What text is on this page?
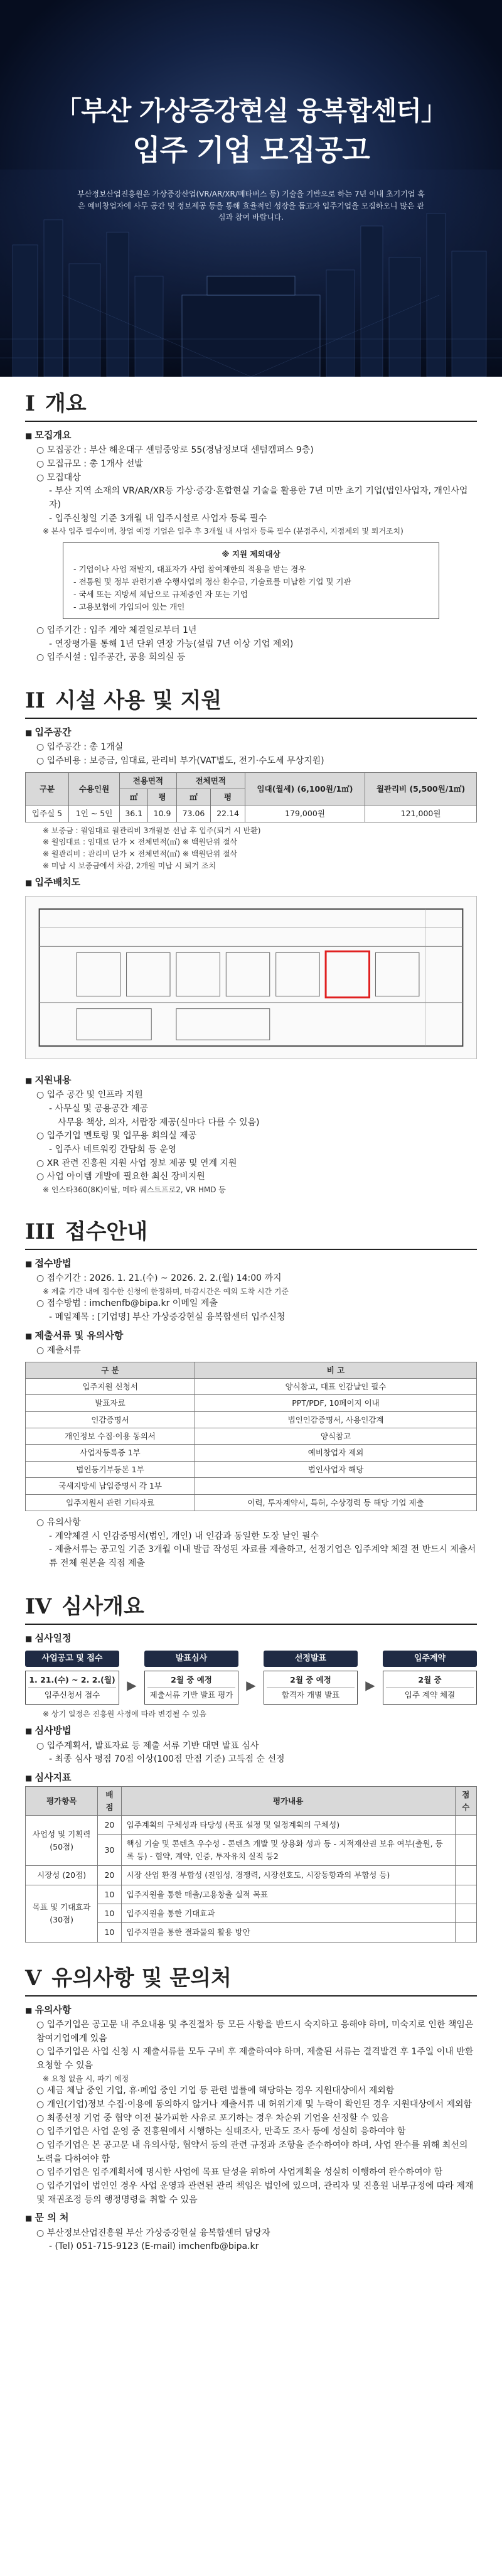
「부산 가상증강현실 융복합센터」
입주 기업 모집공고
부산정보산업진흥원은 가상증강산업(VR/AR/XR/메타버스 등) 기술을 기반으로 하는 7년 이내 초기기업 혹은 예비창업자에 사무 공간 및 정보제공 등을 통해 효율적인 성장을 돕고자 입주기업을 모집하오니 많은 관심과 참여 바랍니다.
I 개요
■ 모집개요
○ 모집공간 : 부산 해운대구 센텀중앙로 55(경남정보대 센텀캠퍼스 9층)
○ 모집규모 : 총 1개사 선발
○ 모집대상
- 부산 지역 소재의 VR/AR/XR등 가상·증강·혼합현실 기술을 활용한 7년 미만 초기 기업(법인사업자, 개인사업자)
- 입주신청일 기준 3개월 내 입주시설로 사업자 등록 필수
※ 본사 입주 필수이며, 창업 예정 기업은 입주 후 3개월 내 사업자 등록 필수 (분점주시, 지점제외 및 퇴거조치)
※ 지원 제외대상
- 기업이나 사업 재발지, 대표자가 사업 참여제한의 적용을 받는 경우
- 전통원 및 정부 관련기관 수행사업의 정산 환수금, 기술료를 미납한 기업 및 기관
- 국세 또는 지방세 체납으로 규제중인 자 또는 기업
- 고용보험에 가입되어 있는 개인
○ 입주기간 : 입주 계약 체결일로부터 1년
- 연장평가를 통해 1년 단위 연장 가능(설립 7년 이상 기업 제외)
○ 입주시설 : 입주공간, 공용 회의실 등
II 시설 사용 및 지원
■ 입주공간
○ 입주공간 : 총 1개실
○ 입주비용 : 보증금, 임대료, 관리비 부가(VAT별도, 전기·수도세 무상지원)
구분	수용인원	전용면적		전체면적		임대(월세) (6,100원/1㎡)	월관리비 (5,500원/1㎡)
		㎡	평	㎡	평		
입주실 5	1인 ~ 5인	36.1	10.9	73.06	22.14	179,000원	121,000원
※ 보증금 : 월임대료 월관리비 3개월분 선납 후 입주(퇴거 시 반환)
※ 월임대료 : 임대료 단가 × 전체면적(㎡) ※ 백원단위 절삭
※ 월관리비 : 관리비 단가 × 전체면적(㎡) ※ 백원단위 절삭
※ 미납 시 보증금에서 차감, 2개월 미납 시 퇴거 조치
■ 입주배치도
■ 지원내용
○ 입주 공간 및 인프라 지원
- 사무실 및 공용공간 제공
사무용 책상, 의자, 서랍장 제공(실마다 다를 수 있음)
○ 입주기업 멘토링 및 업무용 회의실 제공
- 입주사 네트워킹 간담회 등 운영
○ XR 관련 진흥원 지원 사업 정보 제공 및 연계 지원
○ 사업 아이템 개발에 필요한 최신 장비지원
※ 인스타360(8K)이탈, 메타 퀘스트프로2, VR HMD 등
III 접수안내
■ 접수방법
○ 접수기간 : 2026. 1. 21.(수) ~ 2026. 2. 2.(월) 14:00 까지
※ 제출 기간 내에 접수한 신청에 한정하며, 마감시간은 예외 도착 시간 기준
○ 접수방법 : imchenfb@bipa.kr 이메일 제출
- 메일제목 : [기업명] 부산 가상증강현실 융복합센터 입주신청
■ 제출서류 및 유의사항
○ 제출서류
구 분	비 고
입주지원 신청서	양식참고, 대표 인감날인 필수
발표자료	PPT/PDF, 10페이지 이내
인감증명서	법인인감증명서, 사용인감계
개인정보 수집·이용 동의서	양식참고
사업자등록증 1부	예비창업자 제외
법인등기부등본 1부	법인사업자 해당
국세지방세 납입증명서 각 1부	
입주지원서 관련 기타자료	이력, 투자계약서, 특허, 수상경력 등 해당 기업 제출
○ 유의사항
- 계약체결 시 인감증명서(법인, 개인) 내 인감과 동일한 도장 날인 필수
- 제출서류는 공고일 기준 3개월 이내 발급 작성된 자료를 제출하고, 선정기업은 입주계약 체결 전 반드시 제출서류 전체 원본을 직접 제출
IV 심사개요
■ 심사일정
사업공고 및 접수
1. 21.(수) ~ 2. 2.(월)
입주신청서 접수
▶
발표심사
2월 중 예정
제출서류 기반 발표 평가
▶
선정발표
2월 중 예정
합격자 개별 발표
▶
입주계약
2월 중
입주 계약 체결
※ 상기 일정은 진흥원 사정에 따라 변경될 수 있음
■ 심사방법
○ 입주계획서, 발표자료 등 제출 서류 기반 대면 발표 심사
- 최종 심사 평점 70점 이상(100점 만점 기준) 고득점 순 선정
■ 심사지표
평가항목	배 점	평가내용	점 수
사업성 및 기획력 (50점)	20	입주계획의 구체성과 타당성 (목표 설정 및 일정계획의 구체성)	
	30	핵심 기술 및 콘텐츠 우수성 - 콘텐츠 개발 및 상용화 성과 등 - 지적재산권 보유 여부(출원, 등록 등) - 협약, 계약, 인증, 투자유치 실적 등2	
시장성 (20점)	20	시장 산업 환경 부합성 (진입성, 경쟁력, 시장선호도, 시장동향과의 부합성 등)	
목표 및 기대효과 (30점)	10	입주지원을 통한 매출/고용창출 실적 목표	
	10	입주지원을 통한 기대효과	
	10	입주지원을 통한 결과물의 활용 방안	
V 유의사항 및 문의처
■ 유의사항
○ 입주기업은 공고문 내 주요내용 및 추진절차 등 모든 사항을 반드시 숙지하고 응해야 하며, 미숙지로 인한 책임은 참여기업에게 있음
○ 입주기업은 사업 신청 시 제출서류를 모두 구비 후 제출하여야 하며, 제출된 서류는 결격발견 후 1주일 이내 반환 요청할 수 있음
※ 요청 없을 시, 파기 예정
○ 세금 체납 중인 기업, 휴·폐업 중인 기업 등 관련 법률에 해당하는 경우 지원대상에서 제외함
○ 개인(기업)정보 수집·이용에 동의하지 않거나 제출서류 내 허위기재 및 누락이 확인된 경우 지원대상에서 제외함
○ 최종선정 기업 중 협약 이전 불가피한 사유로 포기하는 경우 차순위 기업을 선정할 수 있음
○ 입주기업은 사업 운영 중 진흥원에서 시행하는 실태조사, 만족도 조사 등에 성실히 응하여야 함
○ 입주기업은 본 공고문 내 유의사항, 협약서 등의 관련 규정과 조항을 준수하여야 하며, 사업 완수를 위해 최선의 노력을 다하여야 함
○ 입주기업은 입주계획서에 명시한 사업에 목표 달성을 위하여 사업계획을 성실히 이행하여 완수하여야 함
○ 입주기업이 법인인 경우 사업 운영과 관련된 관리 책임은 법인에 있으며, 관리자 및 진흥원 내부규정에 따라 제재 및 재권조정 등의 행정명령을 취할 수 있음
■ 문 의 처
○ 부산정보산업진흥원 부산 가상증강현실 융복합센터 담당자
- (Tel) 051-715-9123 (E-mail) imchenfb@bipa.kr
